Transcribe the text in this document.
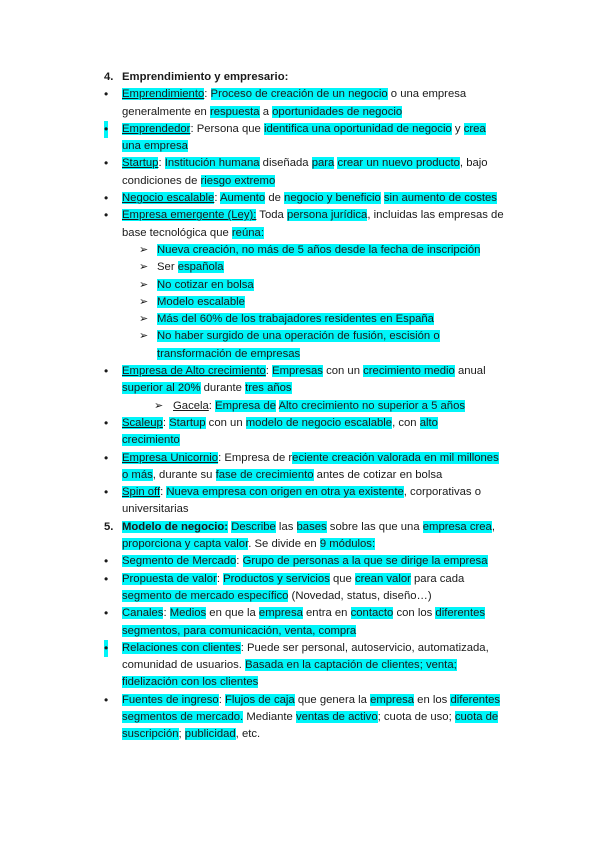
4. Emprendimiento y empresario:
• Emprendimiento: Proceso de creación de un negocio o una empresa
generalmente en respuesta a oportunidades de negocio
• Emprendedor: Persona que identifica una oportunidad de negocio y crea
una empresa
• Startup: Institución humana diseñada para crear un nuevo producto, bajo
condiciones de riesgo extremo
• Negocio escalable: Aumento de negocio y beneficio sin aumento de costes
• Empresa emergente (Ley): Toda persona jurídica, incluidas las empresas de
base tecnológica que reúna:
➢ Nueva creación, no más de 5 años desde la fecha de inscripción
➢ Ser española
➢ No cotizar en bolsa
➢ Modelo escalable
➢ Más del 60% de los trabajadores residentes en España
➢ No haber surgido de una operación de fusión, escisión o
transformación de empresas
• Empresa de Alto crecimiento: Empresas con un crecimiento medio anual
superior al 20% durante tres años
➢ Gacela: Empresa de Alto crecimiento no superior a 5 años
• Scaleup: Startup con un modelo de negocio escalable, con alto
crecimiento
• Empresa Unicornio: Empresa de reciente creación valorada en mil millones
o más, durante su fase de crecimiento antes de cotizar en bolsa
• Spin off: Nueva empresa con origen en otra ya existente, corporativas o
universitarias
5. Modelo de negocio: Describe las bases sobre las que una empresa crea,
proporciona y capta valor. Se divide en 9 módulos:
• Segmento de Mercado: Grupo de personas a la que se dirige la empresa
• Propuesta de valor: Productos y servicios que crean valor para cada
segmento de mercado específico (Novedad, status, diseño…)
• Canales: Medios en que la empresa entra en contacto con los diferentes
segmentos, para comunicación, venta, compra
• Relaciones con clientes: Puede ser personal, autoservicio, automatizada,
comunidad de usuarios. Basada en la captación de clientes; venta;
fidelización con los clientes
• Fuentes de ingreso: Flujos de caja que genera la empresa en los diferentes
segmentos de mercado. Mediante ventas de activo; cuota de uso; cuota de
suscripción; publicidad, etc.
